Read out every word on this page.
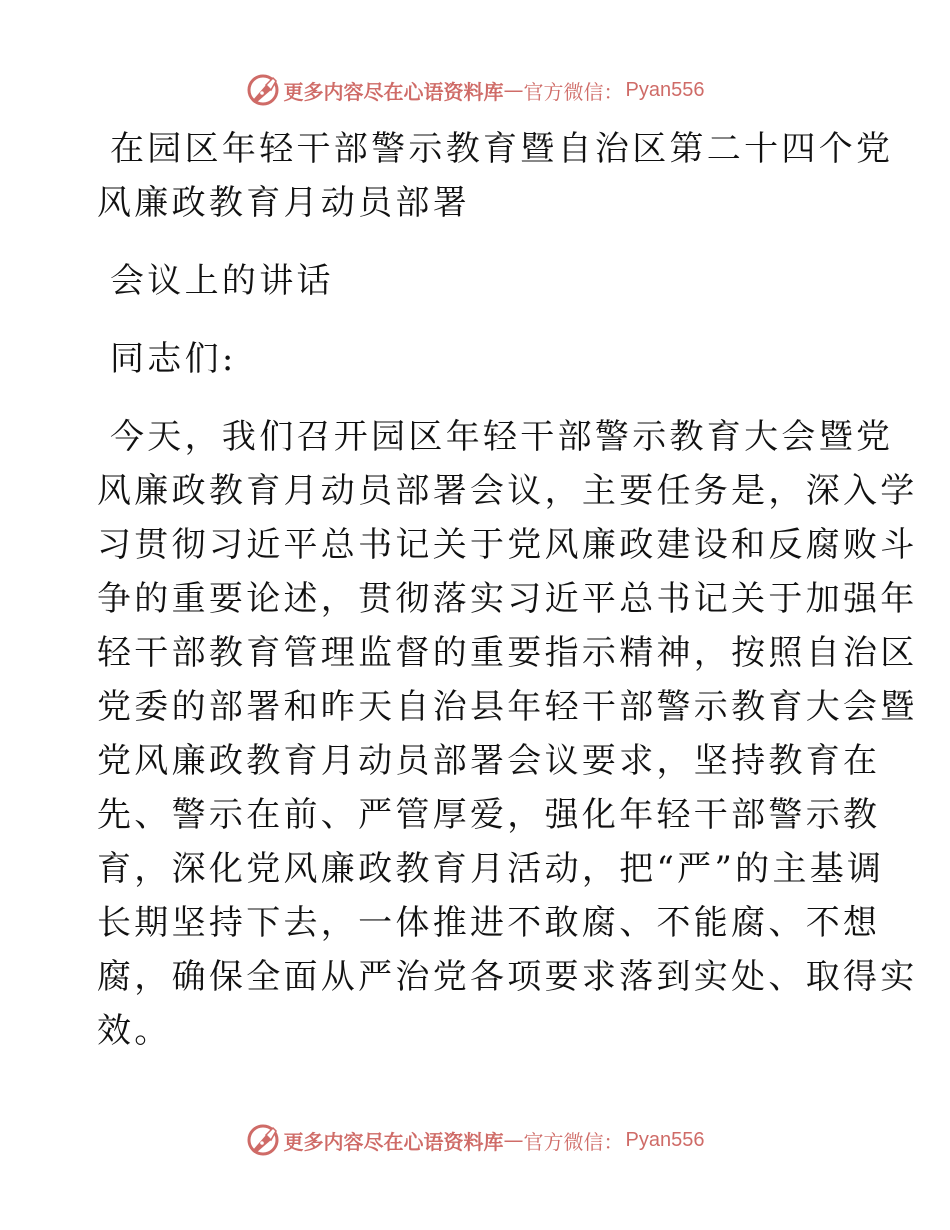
更多内容尽在心语资料库 — 官方微信： Pyan556
在园区年轻干部警示教育暨自治区第二十四个党
风廉政教育月动员部署
会议上的讲话
同志们:
今天，我们召开园区年轻干部警示教育大会暨党
风廉政教育月动员部署会议，主要任务是，深入学
习贯彻习近平总书记关于党风廉政建设和反腐败斗
争的重要论述，贯彻落实习近平总书记关于加强年
轻干部教育管理监督的重要指示精神，按照自治区
党委的部署和昨天自治县年轻干部警示教育大会暨
党风廉政教育月动员部署会议要求，坚持教育在
先、警示在前、严管厚爱，强化年轻干部警示教
育，深化党风廉政教育月活动，把“严”的主基调
长期坚持下去，一体推进不敢腐、不能腐、不想
腐，确保全面从严治党各项要求落到实处、取得实
效。
更多内容尽在心语资料库 — 官方微信： Pyan556
